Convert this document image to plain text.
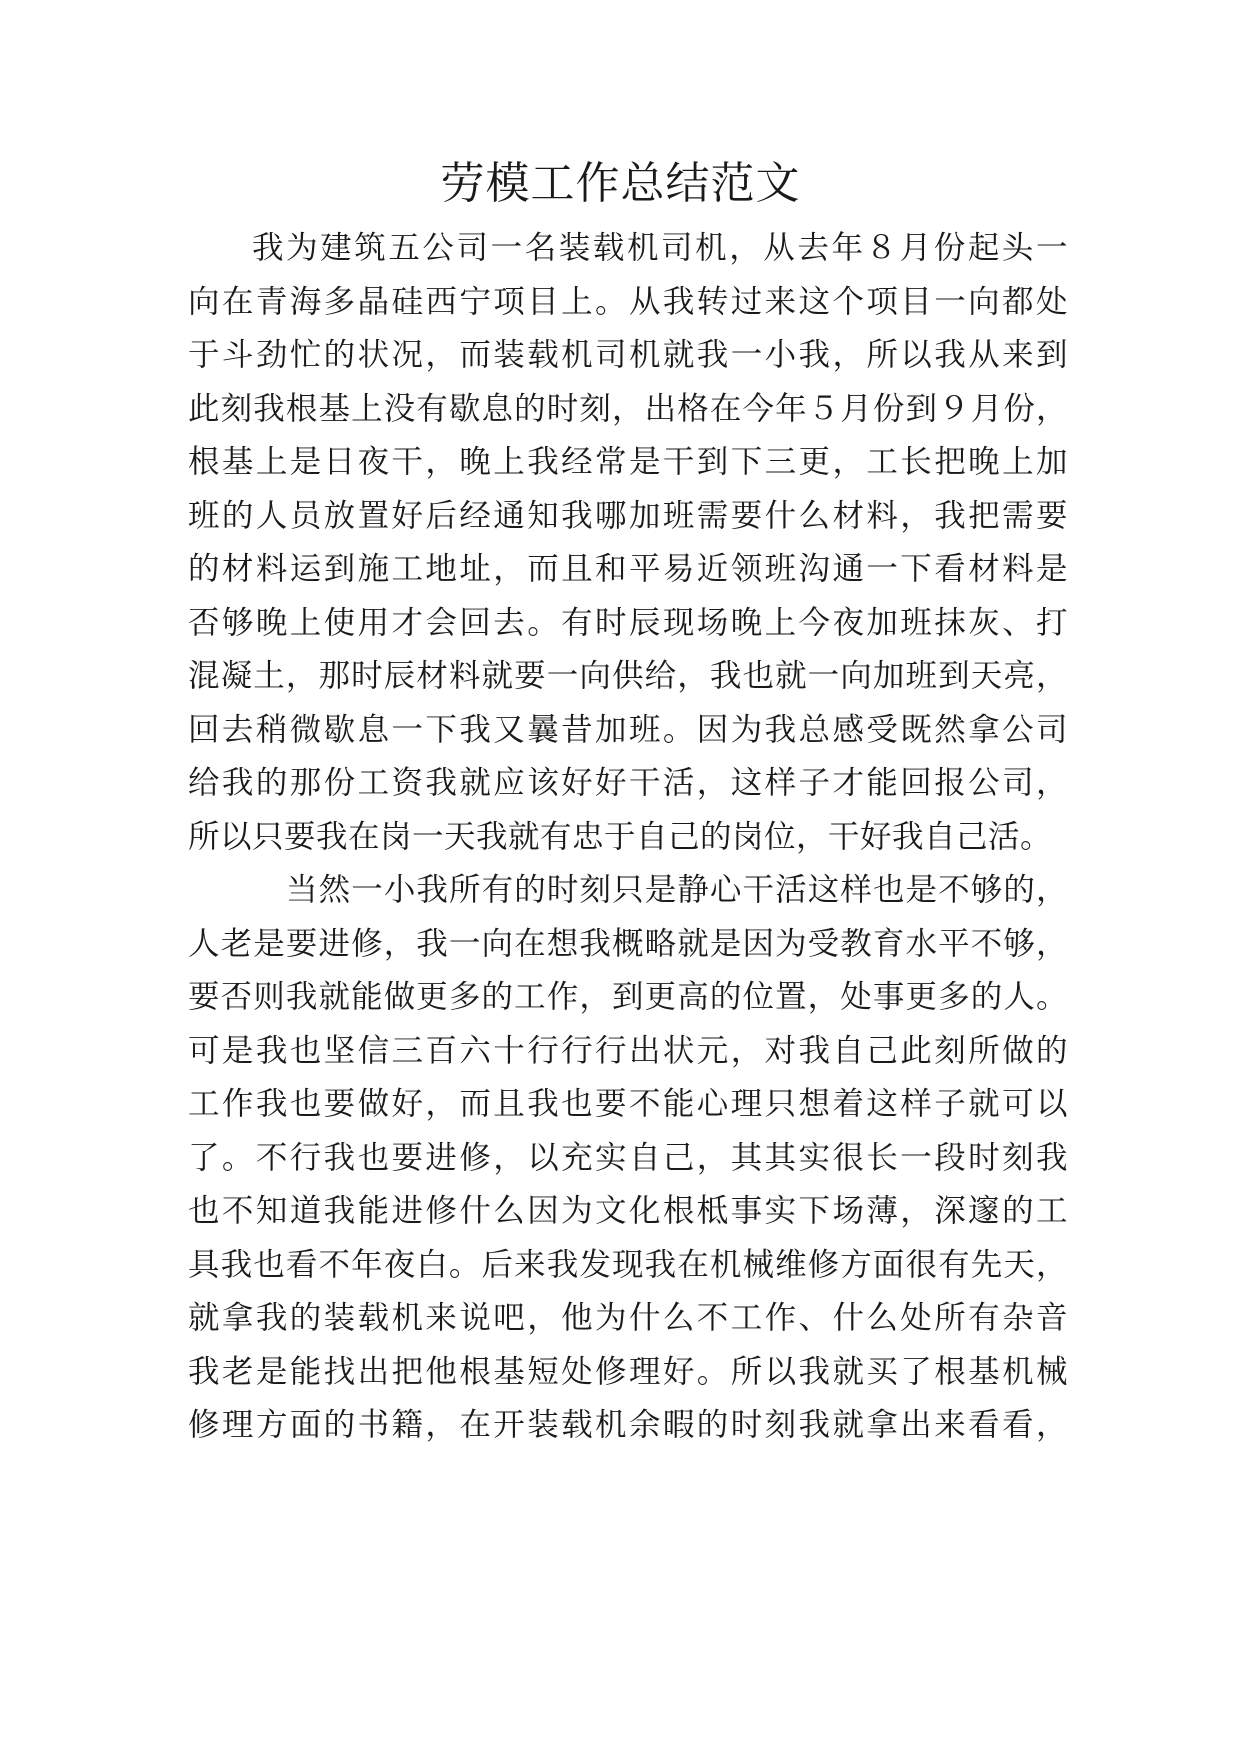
劳模工作总结范文
我为建筑五公司一名装载机司机，从去年８月份起头一
向在青海多晶硅西宁项目上。从我转过来这个项目一向都处
于斗劲忙的状况，而装载机司机就我一小我，所以我从来到
此刻我根基上没有歇息的时刻，出格在今年５月份到９月份，
根基上是日夜干，晚上我经常是干到下三更，工长把晚上加
班的人员放置好后经通知我哪加班需要什么材料，我把需要
的材料运到施工地址，而且和平易近领班沟通一下看材料是
否够晚上使用才会回去。有时辰现场晚上今夜加班抹灰、打
混凝土，那时辰材料就要一向供给，我也就一向加班到天亮，
回去稍微歇息一下我又曩昔加班。因为我总感受既然拿公司
给我的那份工资我就应该好好干活，这样子才能回报公司，
所以只要我在岗一天我就有忠于自己的岗位，干好我自己活。
当然一小我所有的时刻只是静心干活这样也是不够的，
人老是要进修，我一向在想我概略就是因为受教育水平不够，
要否则我就能做更多的工作，到更高的位置，处事更多的人。
可是我也坚信三百六十行行行出状元，对我自己此刻所做的
工作我也要做好，而且我也要不能心理只想着这样子就可以
了。不行我也要进修，以充实自己，其其实很长一段时刻我
也不知道我能进修什么因为文化根柢事实下场薄，深邃的工
具我也看不年夜白。后来我发现我在机械维修方面很有先天，
就拿我的装载机来说吧，他为什么不工作、什么处所有杂音
我老是能找出把他根基短处修理好。所以我就买了根基机械
修理方面的书籍，在开装载机余暇的时刻我就拿出来看看，
